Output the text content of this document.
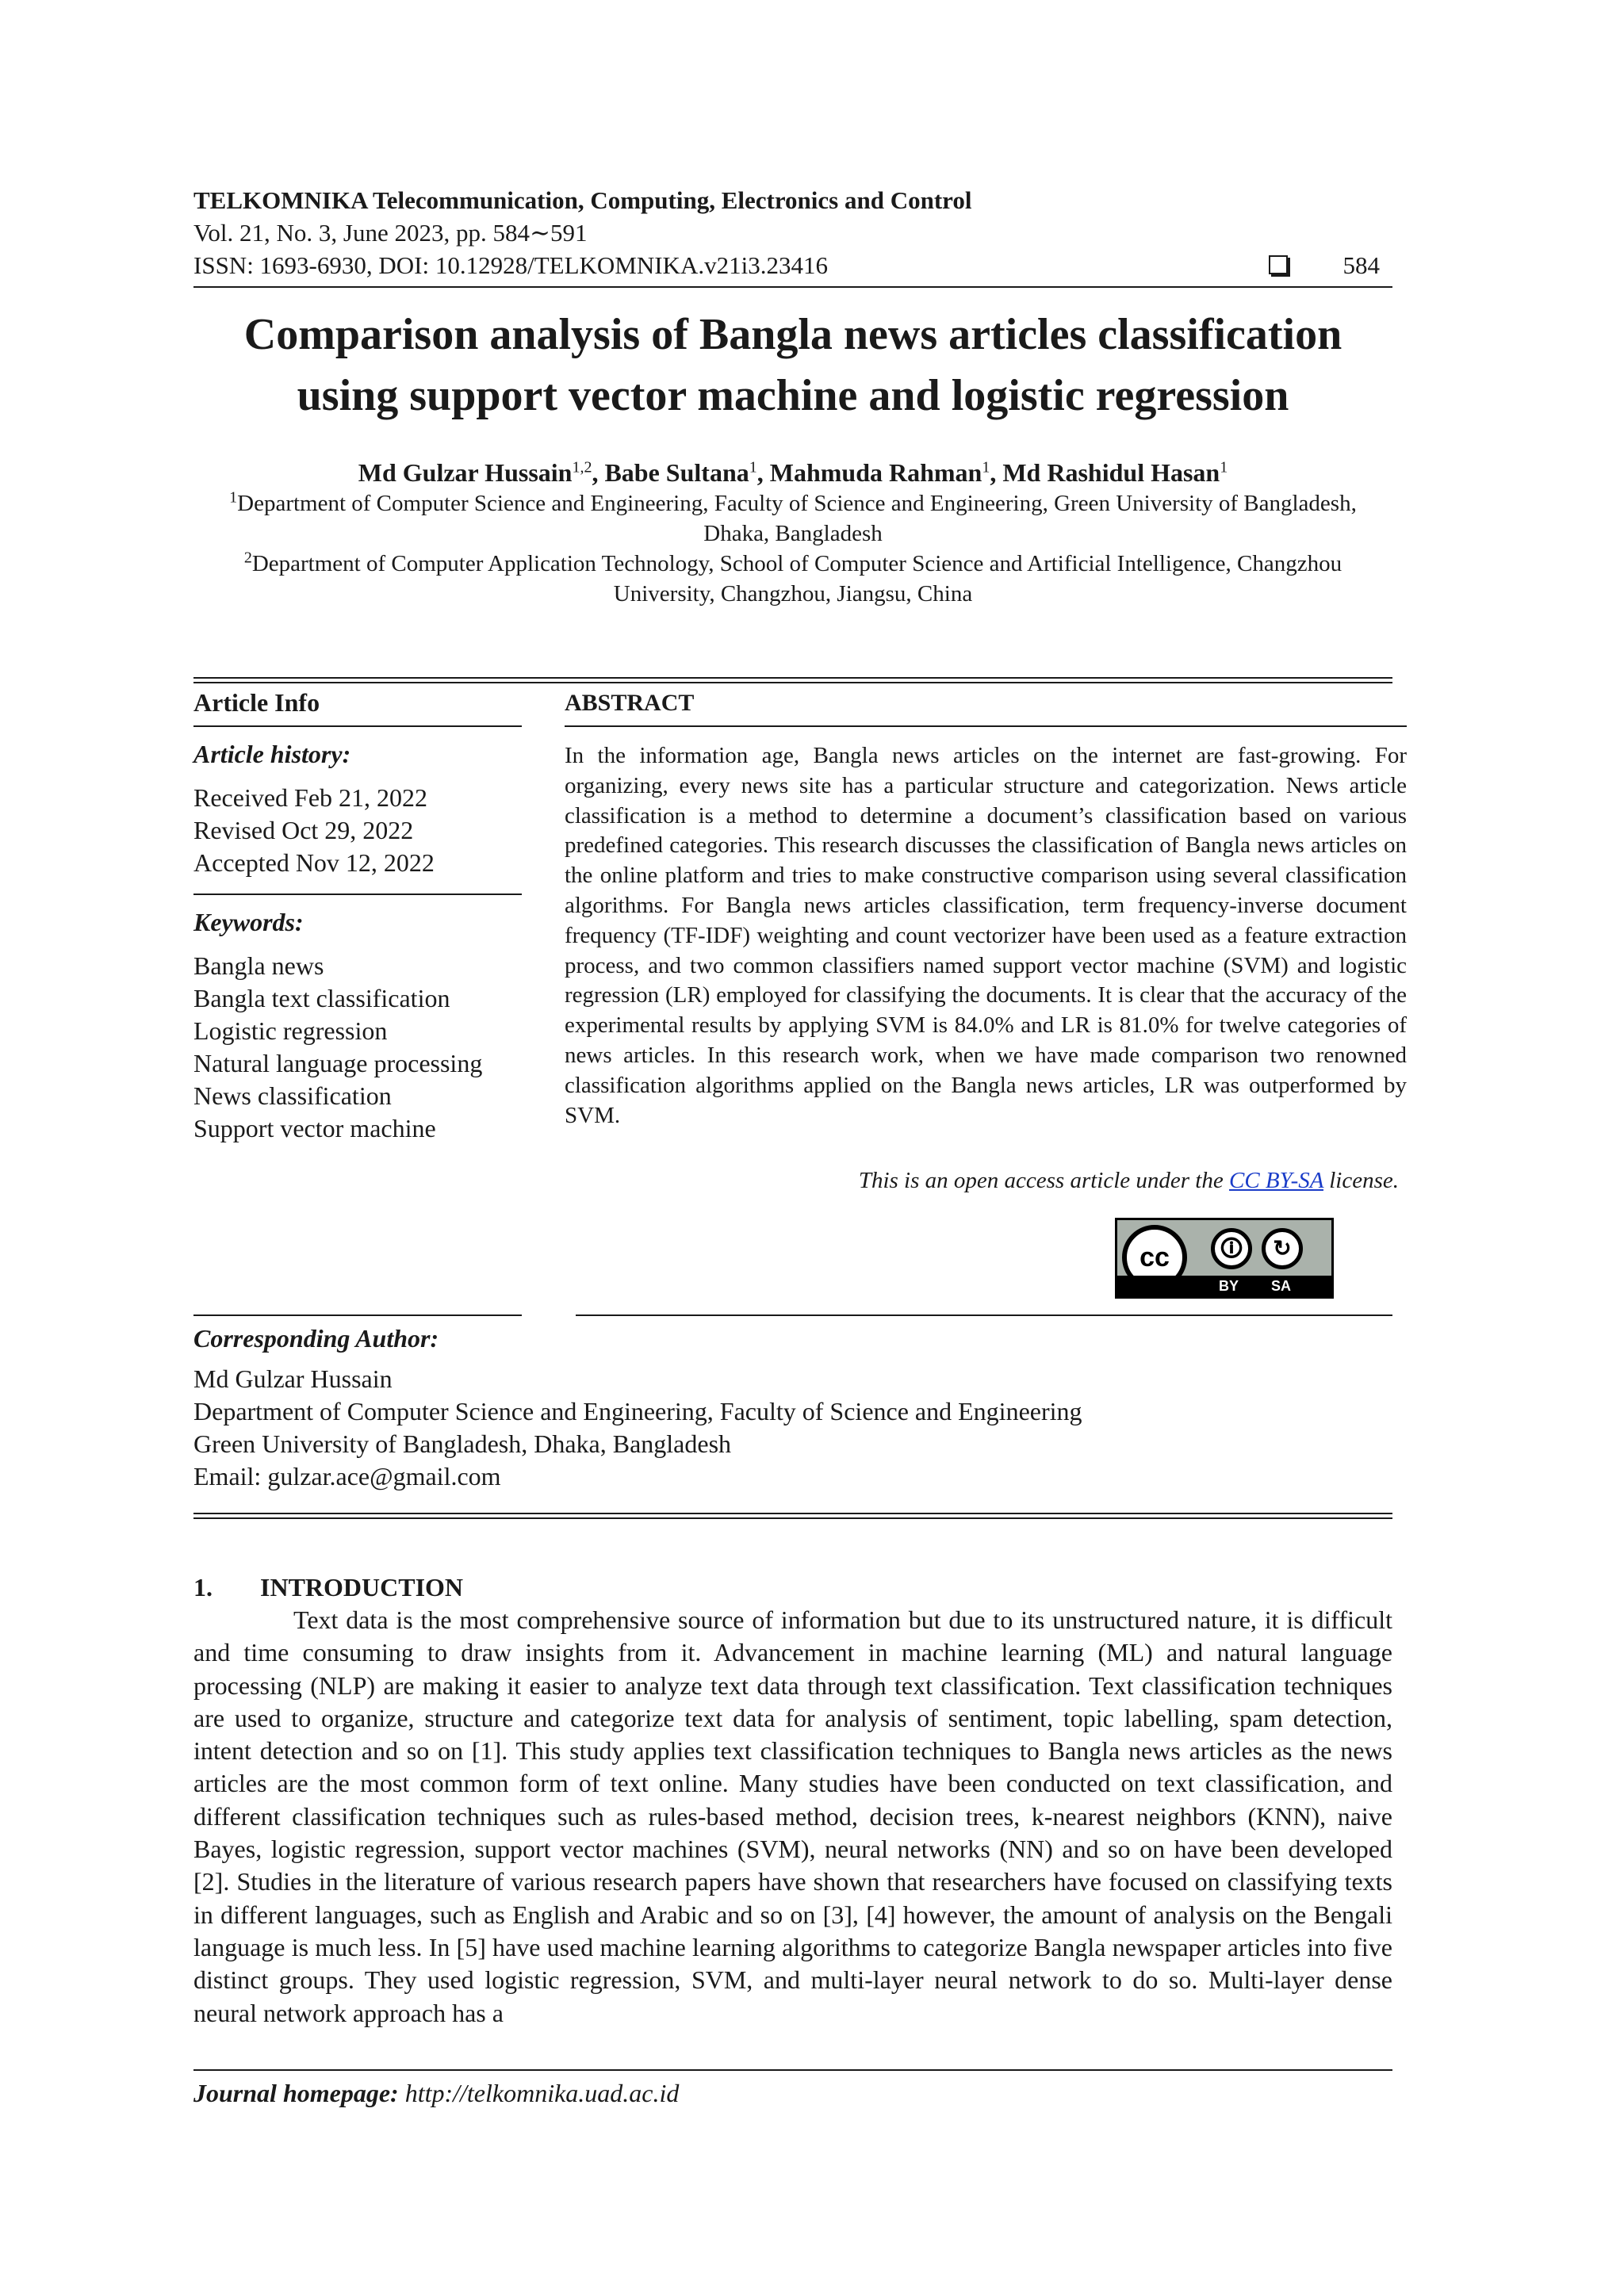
TELKOMNIKA Telecommunication, Computing, Electronics and Control
Vol. 21, No. 3, June 2023, pp. 584∼591
ISSN: 1693-6930, DOI: 10.12928/TELKOMNIKA.v21i3.23416	584
Comparison analysis of Bangla news articles classification
using support vector machine and logistic regression
Md Gulzar Hussain$^{1,2}$, Babe Sultana$^1$, Mahmuda Rahman$^1$, Md Rashidul Hasan$^1$
$^1$Department of Computer Science and Engineering, Faculty of Science and Engineering, Green University of Bangladesh,
Dhaka, Bangladesh
$^2$Department of Computer Application Technology, School of Computer Science and Artificial Intelligence, Changzhou
University, Changzhou, Jiangsu, China
Article Info
Article history:
Received Feb 21, 2022
Revised Oct 29, 2022
Accepted Nov 12, 2022
Keywords:
Bangla news
Bangla text classification
Logistic regression
Natural language processing
News classification
Support vector machine
ABSTRACT
In the information age, Bangla news articles on the internet are fast-growing. For organizing, every news site has a particular structure and categorization. News article classification is a method to determine a document’s classification based on various predefined categories. This research discusses the classification of Bangla news articles on the online platform and tries to make constructive comparison using several classification algorithms. For Bangla news articles classification, term frequency-inverse document frequency (TF-IDF) weighting and count vectorizer have been used as a feature extraction process, and two common classifiers named support vector machine (SVM) and logistic regression (LR) employed for classifying the documents. It is clear that the accuracy of the experimental results by applying SVM is 84.0% and LR is 81.0% for twelve categories of news articles. In this research work, when we have made comparison two renowned classification algorithms applied on the Bangla news articles, LR was outperformed by SVM.
This is an open access article under the CC BY-SA license.
cc	🛈	↻
BY SA
Corresponding Author:
Md Gulzar Hussain
Department of Computer Science and Engineering, Faculty of Science and Engineering
Green University of Bangladesh, Dhaka, Bangladesh
Email: gulzar.ace@gmail.com
1. INTRODUCTION
Text data is the most comprehensive source of information but due to its unstructured nature, it is difficult and time consuming to draw insights from it. Advancement in machine learning (ML) and natural language processing (NLP) are making it easier to analyze text data through text classification. Text classification techniques are used to organize, structure and categorize text data for analysis of sentiment, topic labelling, spam detection, intent detection and so on [1]. This study applies text classification techniques to Bangla news articles as the news articles are the most common form of text online. Many studies have been conducted on text classification, and different classification techniques such as rules-based method, decision trees, k-nearest neighbors (KNN), naive Bayes, logistic regression, support vector machines (SVM), neural networks (NN) and so on have been developed [2]. Studies in the literature of various research papers have shown that researchers have focused on classifying texts in different languages, such as English and Arabic and so on [3], [4] however, the amount of analysis on the Bengali language is much less. In [5] have used machine learning algorithms to categorize Bangla newspaper articles into five distinct groups. They used logistic regression, SVM, and multi-layer neural network to do so. Multi-layer dense neural network approach has a
Journal homepage: http://telkomnika.uad.ac.id
